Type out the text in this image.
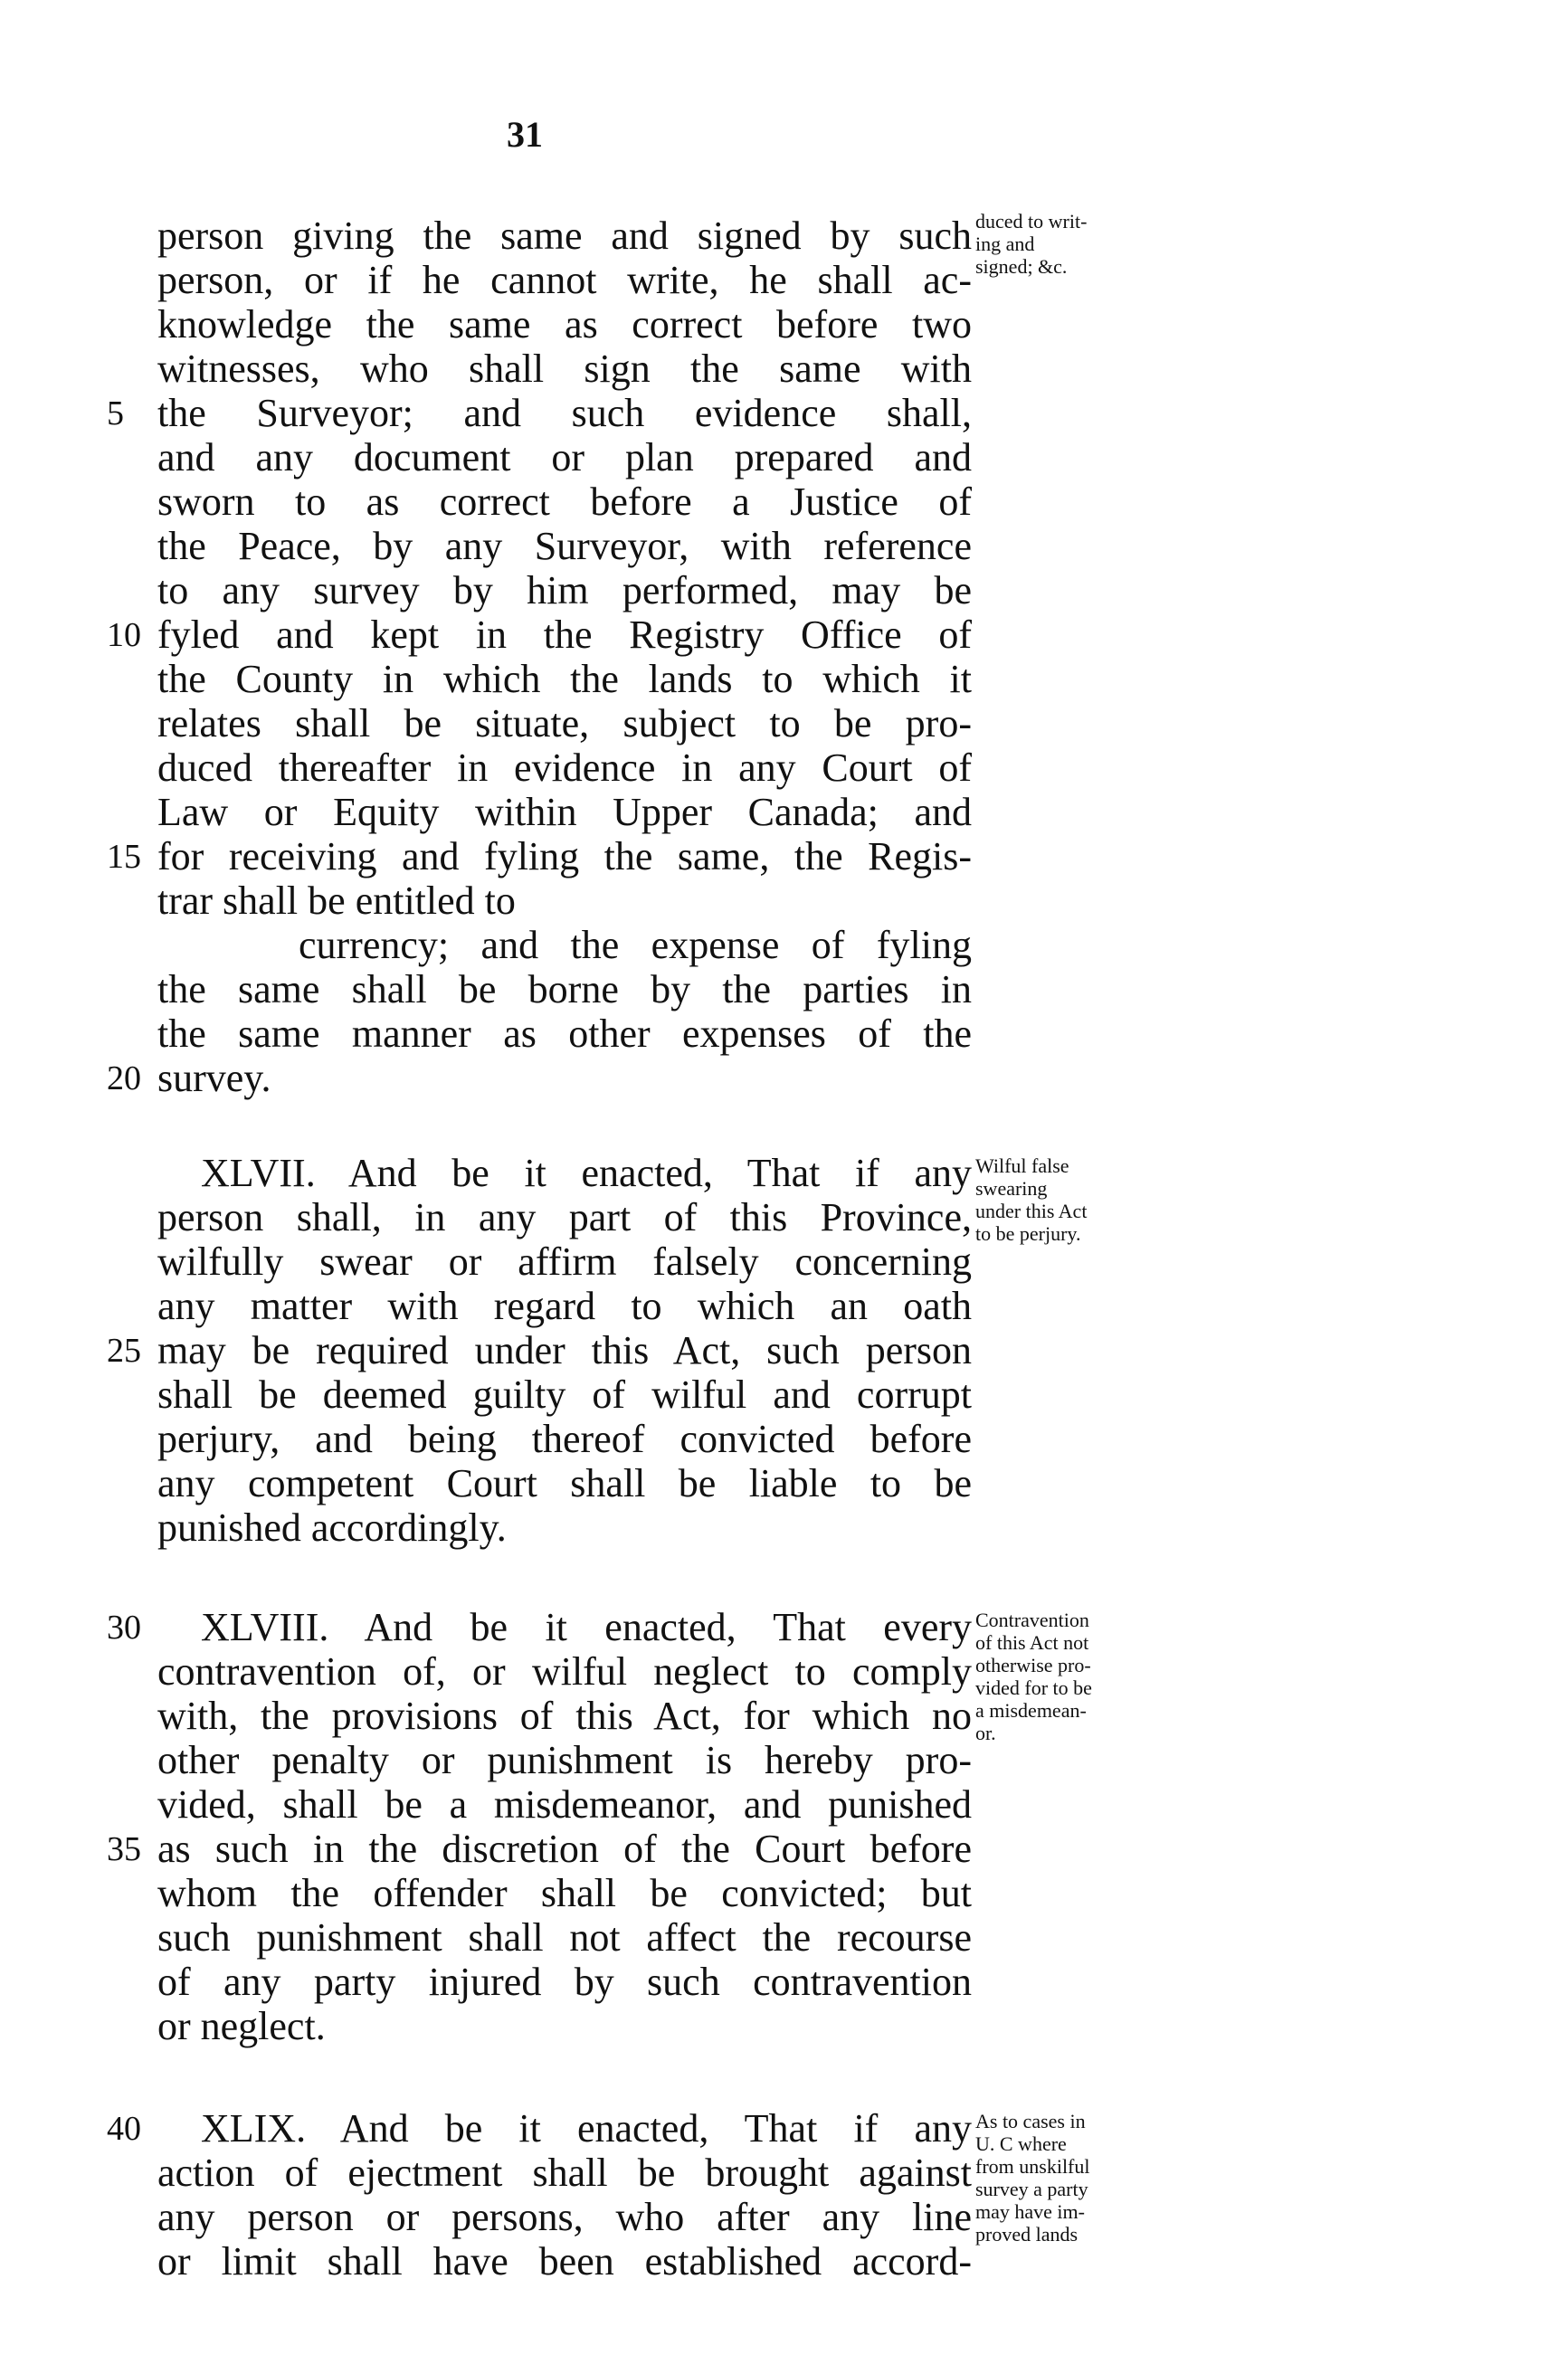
31
duced to writ-
ing and
signed; &c.
person giving the same and signed by such
person, or if he cannot write, he shall ac-
knowledge the same as correct before two
witnesses, who shall sign the same with
5 the Surveyor; and such evidence shall,
and any document or plan prepared and
sworn to as correct before a Justice of
the Peace, by any Surveyor, with reference
to any survey by him performed, may be
10 fyled and kept in the Registry Office of
the County in which the lands to which it
relates shall be situate, subject to be pro-
duced thereafter in evidence in any Court of
Law or Equity within Upper Canada; and
15 for receiving and fyling the same, the Regis-
trar shall be entitled to
currency; and the expense of fyling
the same shall be borne by the parties in
the same manner as other expenses of the
20 survey.
Wilful false
swearing
under this Act
to be perjury.
XLVII. And be it enacted, That if any
person shall, in any part of this Province,
wilfully swear or affirm falsely concerning
any matter with regard to which an oath
25 may be required under this Act, such person
shall be deemed guilty of wilful and corrupt
perjury, and being thereof convicted before
any competent Court shall be liable to be
punished accordingly.
Contravention
of this Act not
otherwise pro-
vided for to be
a misdemean-
or.
30 XLVIII. And be it enacted, That every
contravention of, or wilful neglect to comply
with, the provisions of this Act, for which no
other penalty or punishment is hereby pro-
vided, shall be a misdemeanor, and punished
35 as such in the discretion of the Court before
whom the offender shall be convicted; but
such punishment shall not affect the recourse
of any party injured by such contravention
or neglect.
As to cases in
U. C where
from unskilful
survey a party
may have im-
proved lands
40 XLIX. And be it enacted, That if any
action of ejectment shall be brought against
any person or persons, who after any line
or limit shall have been established accord-
